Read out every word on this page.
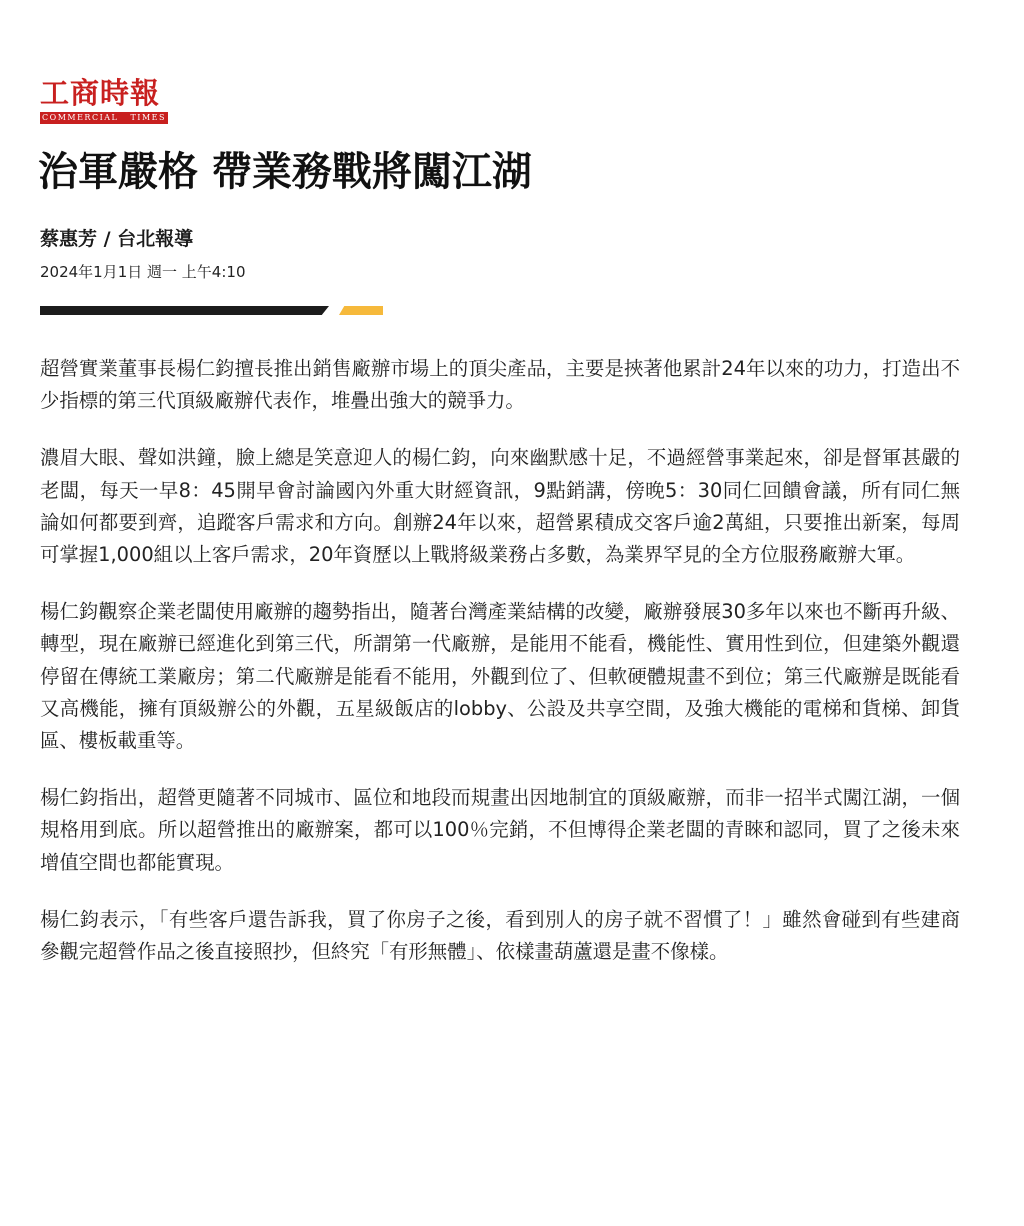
工商時報
COMMERCIAL   TIMES
治軍嚴格 帶業務戰將闖江湖
蔡惠芳 / 台北報導
2024年1月1日 週一 上午4:10

超營實業董事長楊仁鈞擅長推出銷售廠辦市場上的頂尖產品，主要是挾著他累計24年以來的功力，打造出不少指標的第三代頂級廠辦代表作，堆疊出強大的競爭力。

濃眉大眼、聲如洪鐘，臉上總是笑意迎人的楊仁鈞，向來幽默感十足，不過經營事業起來，卻是督軍甚嚴的老闆，每天一早8：45開早會討論國內外重大財經資訊，9點銷講，傍晚5：30同仁回饋會議，所有同仁無論如何都要到齊，追蹤客戶需求和方向。創辦24年以來，超營累積成交客戶逾2萬組，只要推出新案，每周可掌握1,000組以上客戶需求，20年資歷以上戰將級業務占多數，為業界罕見的全方位服務廠辦大軍。

楊仁鈞觀察企業老闆使用廠辦的趨勢指出，隨著台灣產業結構的改變，廠辦發展30多年以來也不斷再升級、轉型，現在廠辦已經進化到第三代，所謂第一代廠辦，是能用不能看，機能性、實用性到位，但建築外觀還停留在傳統工業廠房；第二代廠辦是能看不能用，外觀到位了、但軟硬體規畫不到位；第三代廠辦是既能看又高機能，擁有頂級辦公的外觀，五星級飯店的lobby、公設及共享空間，及強大機能的電梯和貨梯、卸貨區、樓板載重等。

楊仁鈞指出，超營更隨著不同城市、區位和地段而規畫出因地制宜的頂級廠辦，而非一招半式闖江湖，一個規格用到底。所以超營推出的廠辦案，都可以100％完銷，不但博得企業老闆的青睞和認同，買了之後未來增值空間也都能實現。

楊仁鈞表示，「有些客戶還告訴我，買了你房子之後，看到別人的房子就不習慣了！」雖然會碰到有些建商參觀完超營作品之後直接照抄，但終究「有形無體」、依樣畫葫蘆還是畫不像樣。
